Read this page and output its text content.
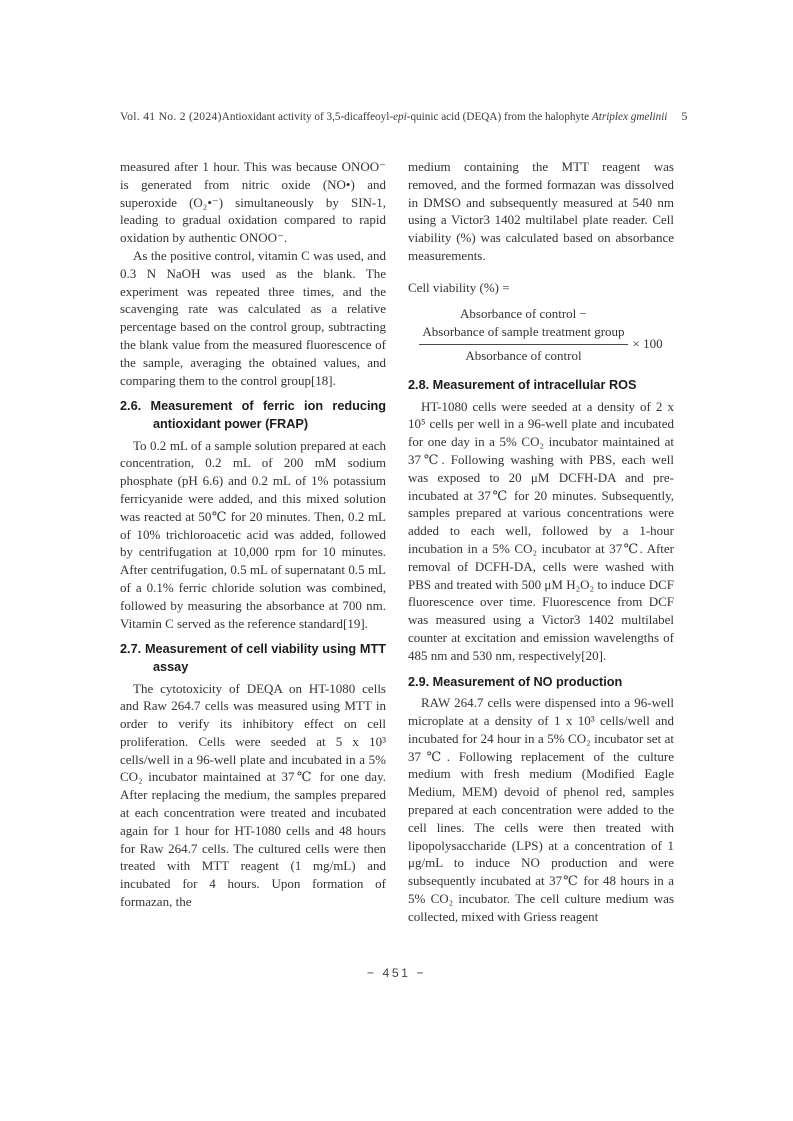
Vol. 41 No. 2 (2024) Antioxidant activity of 3,5-dicaffeoyl-epi-quinic acid (DEQA) from the halophyte Atriplex gmelinii 5

measured after 1 hour. This was because ONOO⁻ is generated from nitric oxide (NO•) and superoxide (O₂•⁻) simultaneously by SIN-1, leading to gradual oxidation compared to rapid oxidation by authentic ONOO⁻.

As the positive control, vitamin C was used, and 0.3 N NaOH was used as the blank. The experiment was repeated three times, and the scavenging rate was calculated as a relative percentage based on the control group, subtracting the blank value from the measured fluorescence of the sample, averaging the obtained values, and comparing them to the control group[18].

2.6. Measurement of ferric ion reducing antioxidant power (FRAP)

To 0.2 mL of a sample solution prepared at each concentration, 0.2 mL of 200 mM sodium phosphate (pH 6.6) and 0.2 mL of 1% potassium ferricyanide were added, and this mixed solution was reacted at 50℃ for 20 minutes. Then, 0.2 mL of 10% trichloroacetic acid was added, followed by centrifugation at 10,000 rpm for 10 minutes. After centrifugation, 0.5 mL of supernatant 0.5 mL of a 0.1% ferric chloride solution was combined, followed by measuring the absorbance at 700 nm. Vitamin C served as the reference standard[19].

2.7. Measurement of cell viability using MTT assay

The cytotoxicity of DEQA on HT-1080 cells and Raw 264.7 cells was measured using MTT in order to verify its inhibitory effect on cell proliferation. Cells were seeded at 5 x 10³ cells/well in a 96-well plate and incubated in a 5% CO₂ incubator maintained at 37℃ for one day. After replacing the medium, the samples prepared at each concentration were treated and incubated again for 1 hour for HT-1080 cells and 48 hours for Raw 264.7 cells. The cultured cells were then treated with MTT reagent (1 mg/mL) and incubated for 4 hours. Upon formation of formazan, the

medium containing the MTT reagent was removed, and the formed formazan was dissolved in DMSO and subsequently measured at 540 nm using a Victor3 1402 multilabel plate reader. Cell viability (%) was calculated based on absorbance measurements.

Cell viability (%) =

Absorbance of control −
Absorbance of sample treatment group
Absorbance of control
× 100
2.8. Measurement of intracellular ROS

HT-1080 cells were seeded at a density of 2 x 10⁵ cells per well in a 96-well plate and incubated for one day in a 5% CO₂ incubator maintained at 37℃. Following washing with PBS, each well was exposed to 20 μM DCFH-DA and pre-incubated at 37℃ for 20 minutes. Subsequently, samples prepared at various concentrations were added to each well, followed by a 1-hour incubation in a 5% CO₂ incubator at 37℃. After removal of DCFH-DA, cells were washed with PBS and treated with 500 μM H₂O₂ to induce DCF fluorescence over time. Fluorescence from DCF was measured using a Victor3 1402 multilabel counter at excitation and emission wavelengths of 485 nm and 530 nm, respectively[20].

2.9. Measurement of NO production

RAW 264.7 cells were dispensed into a 96-well microplate at a density of 1 x 10³ cells/well and incubated for 24 hour in a 5% CO₂ incubator set at 37℃. Following replacement of the culture medium with fresh medium (Modified Eagle Medium, MEM) devoid of phenol red, samples prepared at each concentration were added to the cell lines. The cells were then treated with lipopolysaccharide (LPS) at a concentration of 1 μg/mL to induce NO production and were subsequently incubated at 37℃ for 48 hours in a 5% CO₂ incubator. The cell culture medium was collected, mixed with Griess reagent

− 451 −
